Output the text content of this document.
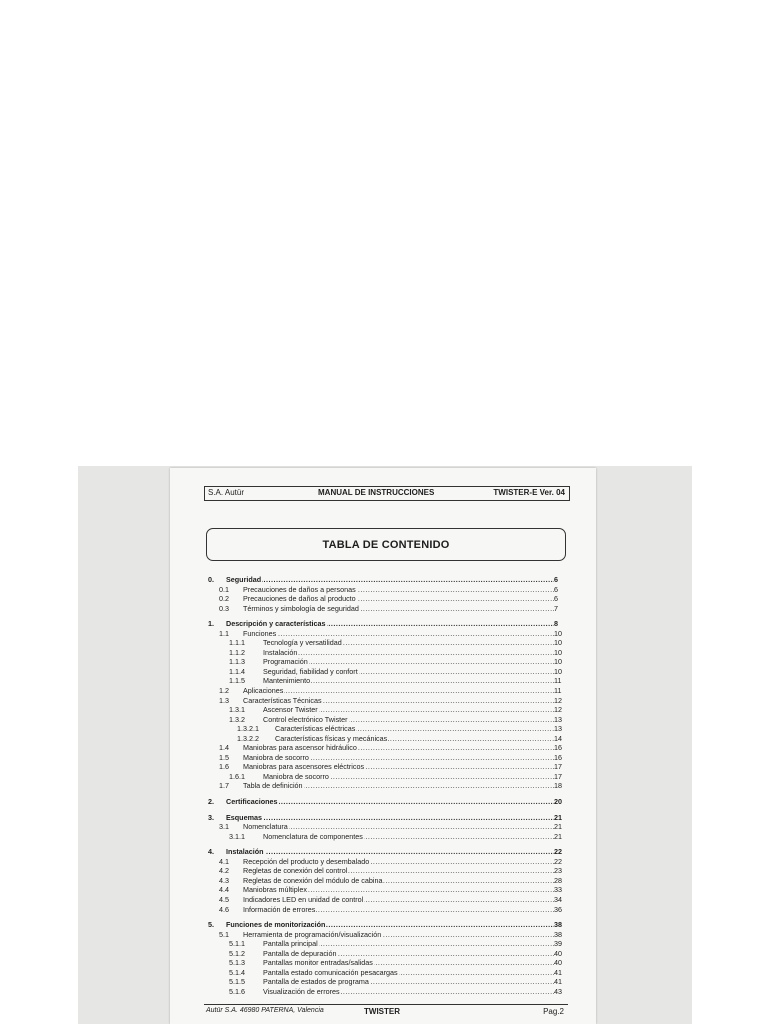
S.A. Autür	MANUAL DE INSTRUCCIONES	TWISTER-E Ver. 04
TABLA DE CONTENIDO
0. Seguridad .....	6
0.1 Precauciones de daños a personas .....	6
0.2 Precauciones de daños al producto .....	6
0.3 Términos y simbología de seguridad .....	7
1. Descripción y características .....	8
1.1 Funciones .....	10
1.1.1	Tecnología y versatilidad .....	10
1.1.2	Instalación .....	10
1.1.3	Programación .....	10
1.1.4	Seguridad, fiabilidad y confort .....	10
1.1.5	Mantenimiento .....	11
1.2 Aplicaciones .....	11
1.3 Características Técnicas .....	12
1.3.1	Ascensor Twister .....	12
1.3.2	Control electrónico Twister .....	13
1.3.2.1 Características eléctricas .....	13
1.3.2.2 Características físicas y mecánicas .....	14
1.4 Maniobras para ascensor hidráulico .....	16
1.5 Maniobra de socorro .....	16
1.6 Maniobras para ascensores eléctricos .....	17
1.6.1	Maniobra de socorro .....	17
1.7 Tabla de definición .....	18
2. Certificaciones .....	20
3. Esquemas .....	21
3.1 Nomenclatura .....	21
3.1.1	Nomenclatura de componentes .....	21
4. Instalación .....	22
4.1 Recepción del producto y desembalado .....	22
4.2 Regletas de conexión del control .....	23
4.3 Regletas de conexión del módulo de cabina .....	28
4.4 Maniobras múltiplex .....	33
4.5 Indicadores LED en unidad de control .....	34
4.6 Información de errores .....	36
5. Funciones de monitorización .....	38
5.1 Herramienta de programación/visualización .....	38
5.1.1	Pantalla principal .....	39
5.1.2	Pantalla de depuración .....	40
5.1.3	Pantallas monitor entradas/salidas .....	40
5.1.4	Pantalla estado comunicación pesacargas .....	41
5.1.5	Pantalla de estados de programa .....	41
5.1.6	Visualización de errores .....	43
Autür S.A. 46980 PATERNA, Valencia	TWISTER	Pag.2
